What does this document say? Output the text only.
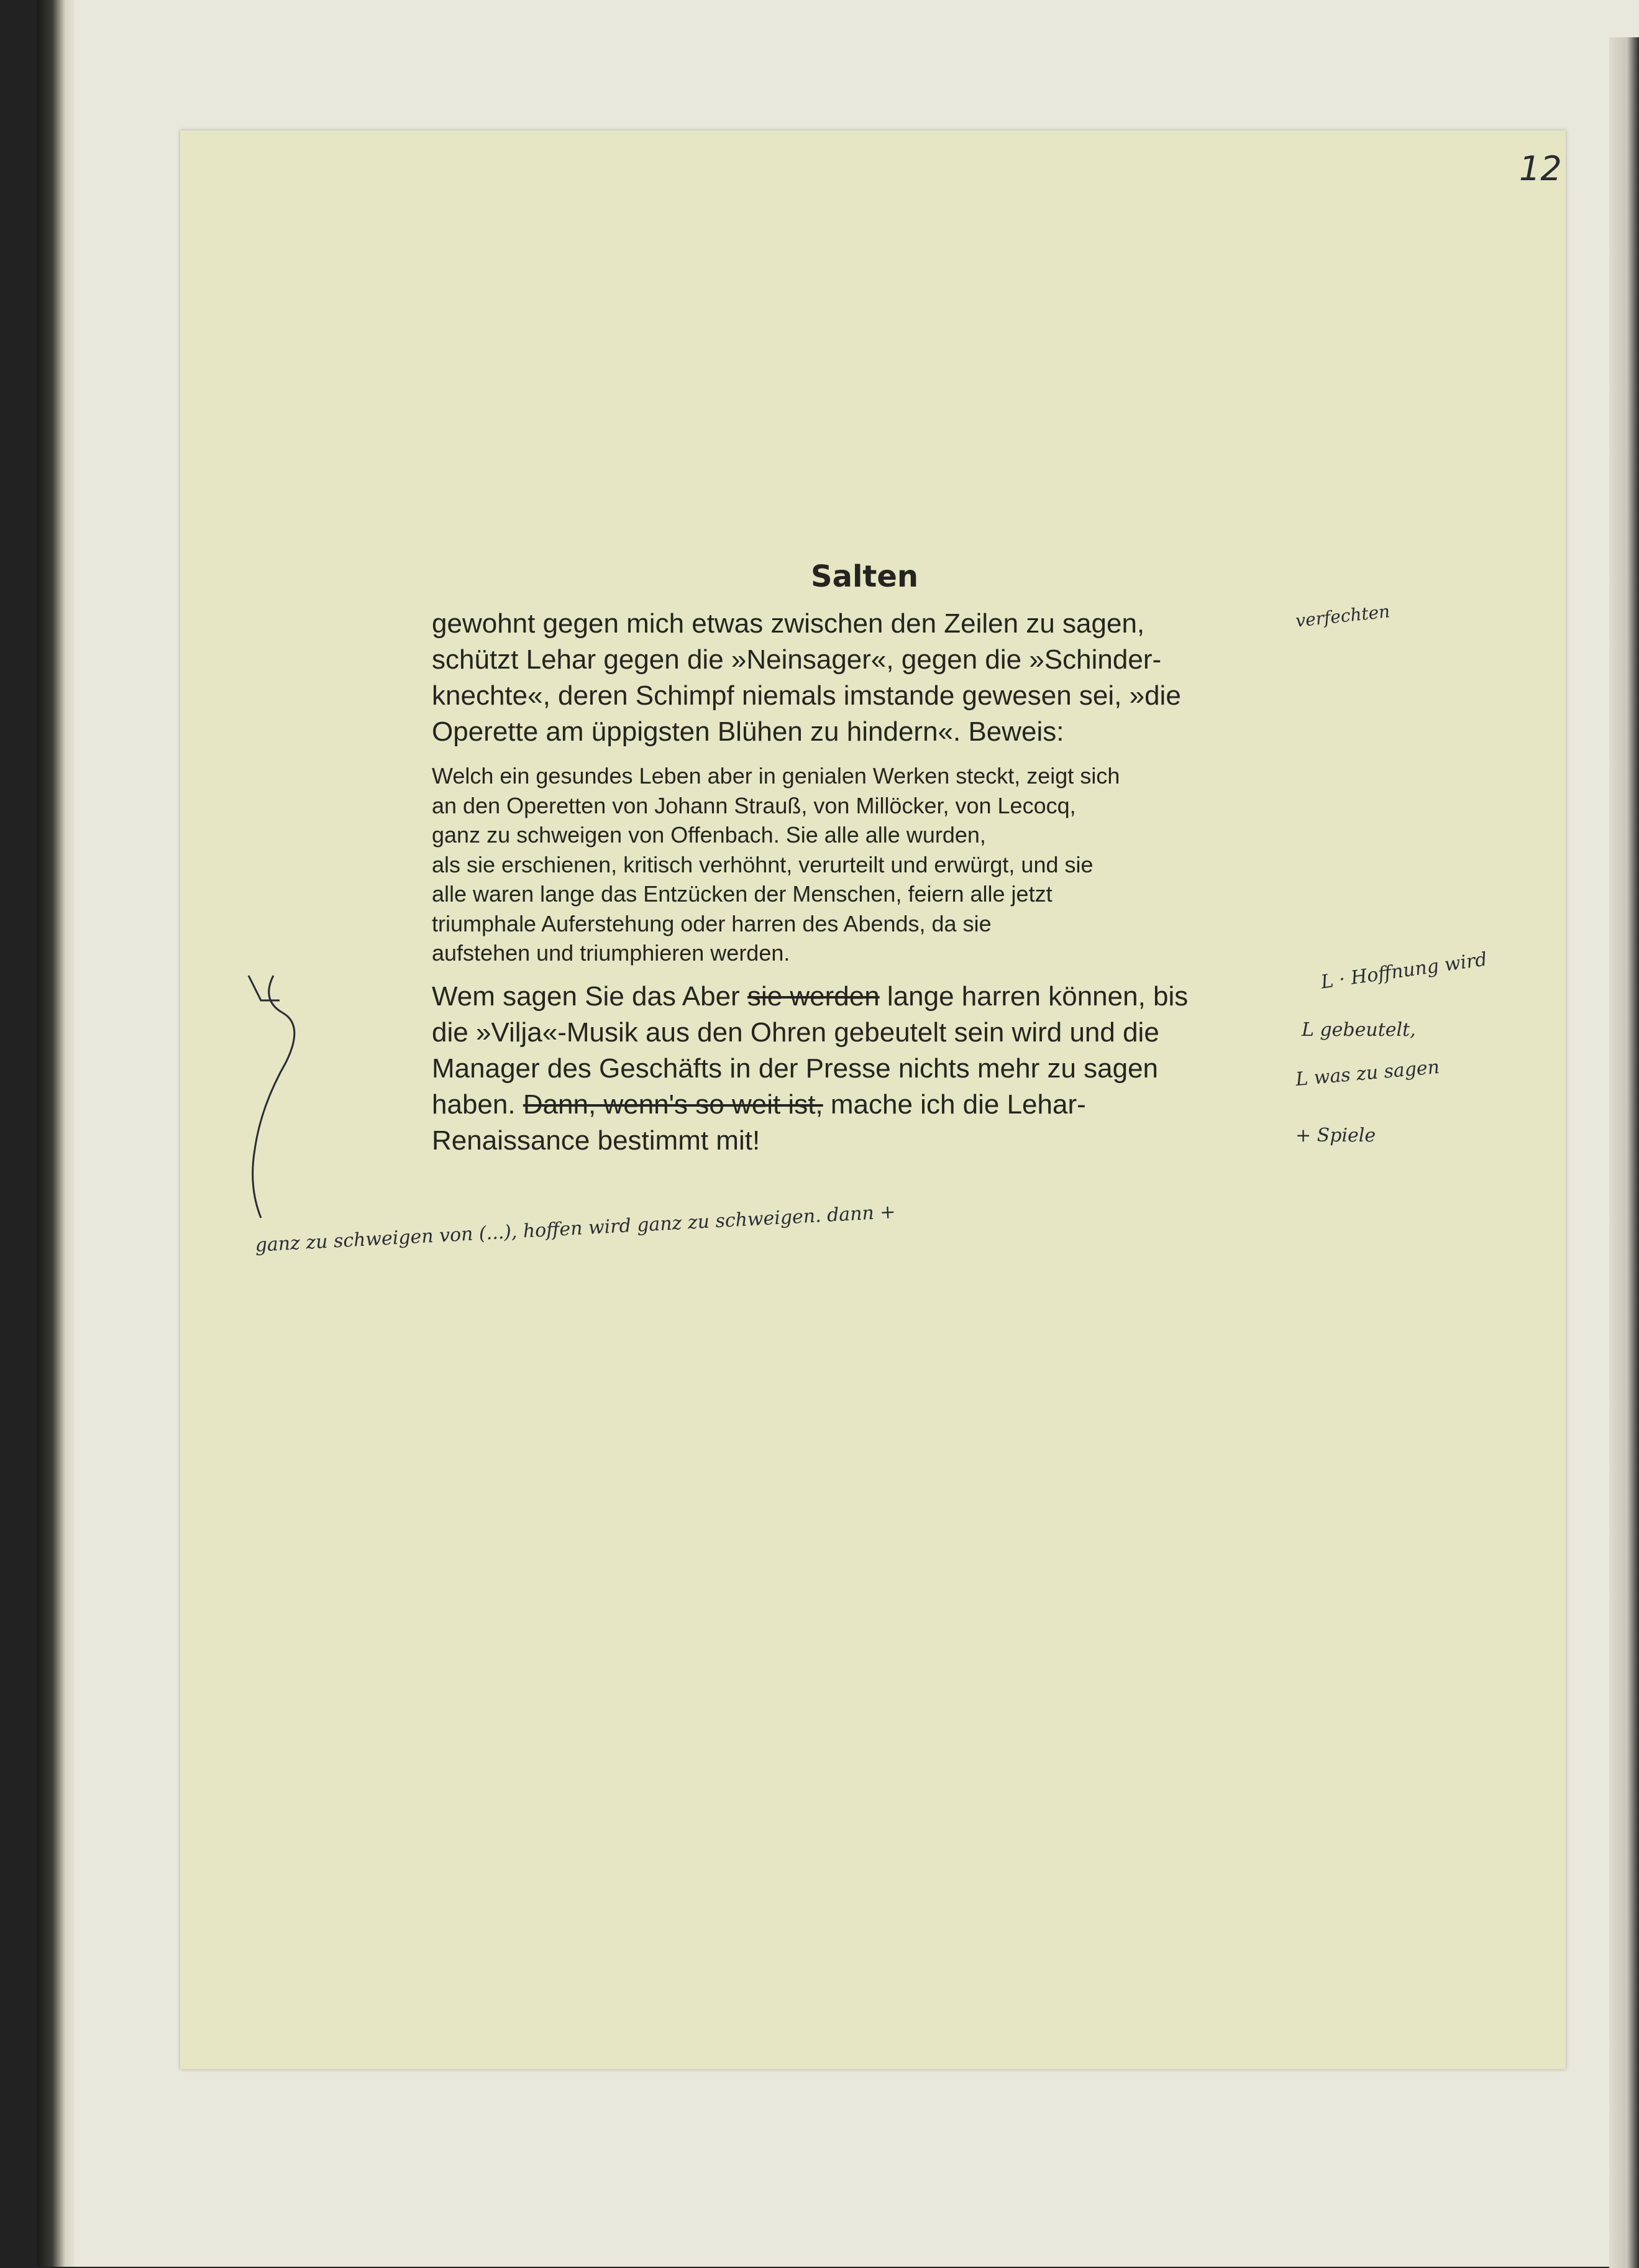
12
Salten
gewohnt gegen mich etwas zwischen den Zeilen zu sagen,
schützt Lehar gegen die »Neinsager«, gegen die »Schinder-
knechte«, deren Schimpf niemals imstande gewesen sei, »die
Operette am üppigsten Blühen zu hindern«. Beweis:
Welch ein gesundes Leben aber in genialen Werken steckt, zeigt sich
an den Operetten von Johann Strauß, von Millöcker, von Lecocq,
ganz zu schweigen von Offenbach. Sie alle alle wurden,
als sie erschienen, kritisch verhöhnt, verurteilt und erwürgt, und sie
alle waren lange das Entzücken der Menschen, feiern alle jetzt
triumphale Auferstehung oder harren des Abends, da sie
aufstehen und triumphieren werden.
Wem sagen Sie das Aber sie werden lange harren können, bis
die »Vilja«-Musik aus den Ohren gebeutelt sein wird und die
Manager des Geschäfts in der Presse nichts mehr zu sagen
haben. Dann, wenn's so weit ist, mache ich die Lehar-
Renaissance bestimmt mit!
verfechten
L · Hoffnung wird
L gebeutelt,
L was zu sagen
+ Spiele
ganz zu schweigen von (...), hoffen wird ganz zu schweigen. dann +
